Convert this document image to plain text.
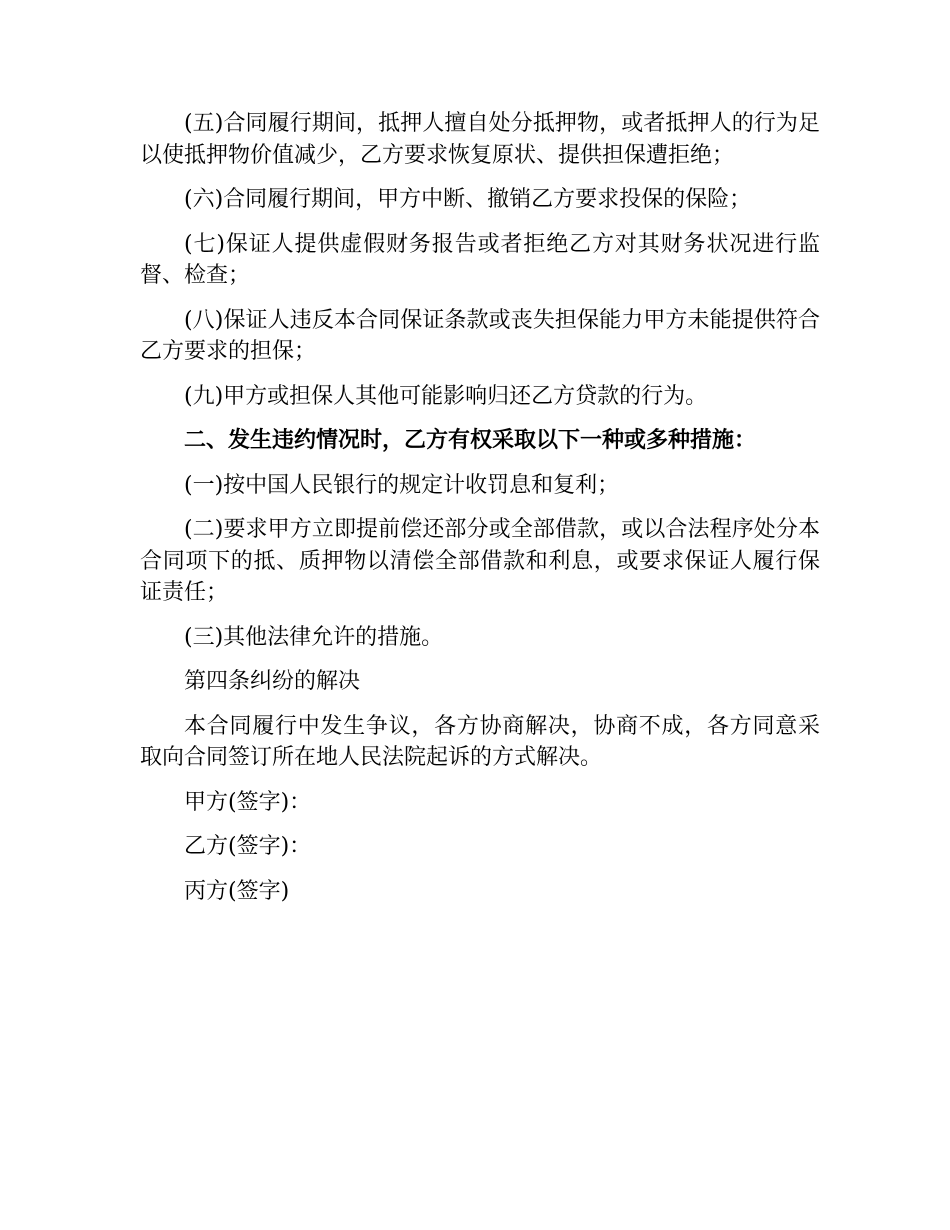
(五)合同履行期间，抵押人擅自处分抵押物，或者抵押人的行为足以使抵押物价值减少，乙方要求恢复原状、提供担保遭拒绝；

(六)合同履行期间，甲方中断、撤销乙方要求投保的保险；

(七)保证人提供虚假财务报告或者拒绝乙方对其财务状况进行监督、检查；

(八)保证人违反本合同保证条款或丧失担保能力甲方未能提供符合乙方要求的担保；

(九)甲方或担保人其他可能影响归还乙方贷款的行为。

二、发生违约情况时，乙方有权采取以下一种或多种措施：

(一)按中国人民银行的规定计收罚息和复利；

(二)要求甲方立即提前偿还部分或全部借款，或以合法程序处分本合同项下的抵、质押物以清偿全部借款和利息，或要求保证人履行保证责任；

(三)其他法律允许的措施。

第四条纠纷的解决

本合同履行中发生争议，各方协商解决，协商不成，各方同意采取向合同签订所在地人民法院起诉的方式解决。

甲方(签字)：

乙方(签字)：

丙方(签字)
